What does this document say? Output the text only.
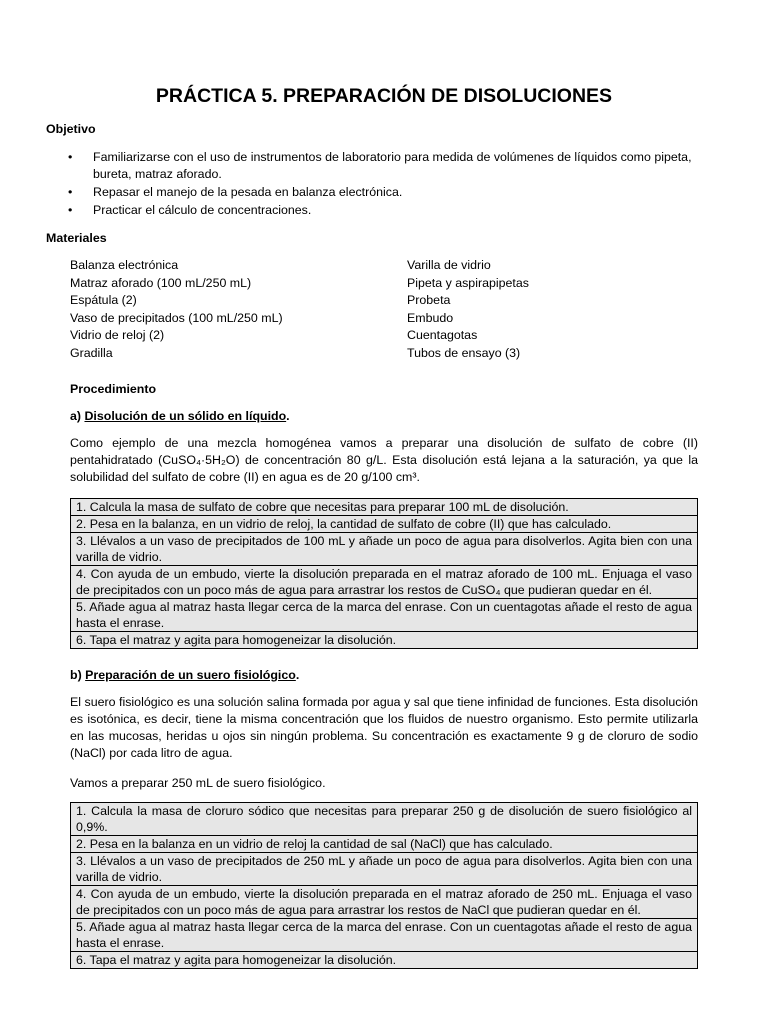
PRÁCTICA 5. PREPARACIÓN DE DISOLUCIONES

Objetivo

• Familiarizarse con el uso de instrumentos de laboratorio para medida de volúmenes de líquidos como pipeta, bureta, matraz aforado.
• Repasar el manejo de la pesada en balanza electrónica.
• Practicar el cálculo de concentraciones.

Materiales

Balanza electrónica
Matraz aforado (100 mL/250 mL)
Espátula (2)
Vaso de precipitados (100 mL/250 mL)
Vidrio de reloj (2)
Gradilla
Varilla de vidrio
Pipeta y aspirapipetas
Probeta
Embudo
Cuentagotas
Tubos de ensayo (3)

Procedimiento

a) Disolución de un sólido en líquido.

Como ejemplo de una mezcla homogénea vamos a preparar una disolución de sulfato de cobre (II) pentahidratado (CuSO₄·5H₂O) de concentración 80 g/L. Esta disolución está lejana a la saturación, ya que la solubilidad del sulfato de cobre (II) en agua es de 20 g/100 cm³.

1. Calcula la masa de sulfato de cobre que necesitas para preparar 100 mL de disolución.
2. Pesa en la balanza, en un vidrio de reloj, la cantidad de sulfato de cobre (II) que has calculado.
3. Llévalos a un vaso de precipitados de 100 mL y añade un poco de agua para disolverlos. Agita bien con una varilla de vidrio.
4. Con ayuda de un embudo, vierte la disolución preparada en el matraz aforado de 100 mL. Enjuaga el vaso de precipitados con un poco más de agua para arrastrar los restos de CuSO₄ que pudieran quedar en él.
5. Añade agua al matraz hasta llegar cerca de la marca del enrase. Con un cuentagotas añade el resto de agua hasta el enrase.
6. Tapa el matraz y agita para homogeneizar la disolución.

b) Preparación de un suero fisiológico.

El suero fisiológico es una solución salina formada por agua y sal que tiene infinidad de funciones. Esta disolución es isotónica, es decir, tiene la misma concentración que los fluidos de nuestro organismo. Esto permite utilizarla en las mucosas, heridas u ojos sin ningún problema. Su concentración es exactamente 9 g de cloruro de sodio (NaCl) por cada litro de agua.

Vamos a preparar 250 mL de suero fisiológico.

1. Calcula la masa de cloruro sódico que necesitas para preparar 250 g de disolución de suero fisiológico al 0,9%.
2. Pesa en la balanza en un vidrio de reloj la cantidad de sal (NaCl) que has calculado.
3. Llévalos a un vaso de precipitados de 250 mL y añade un poco de agua para disolverlos. Agita bien con una varilla de vidrio.
4. Con ayuda de un embudo, vierte la disolución preparada en el matraz aforado de 250 mL. Enjuaga el vaso de precipitados con un poco más de agua para arrastrar los restos de NaCl que pudieran quedar en él.
5. Añade agua al matraz hasta llegar cerca de la marca del enrase. Con un cuentagotas añade el resto de agua hasta el enrase.
6. Tapa el matraz y agita para homogeneizar la disolución.
